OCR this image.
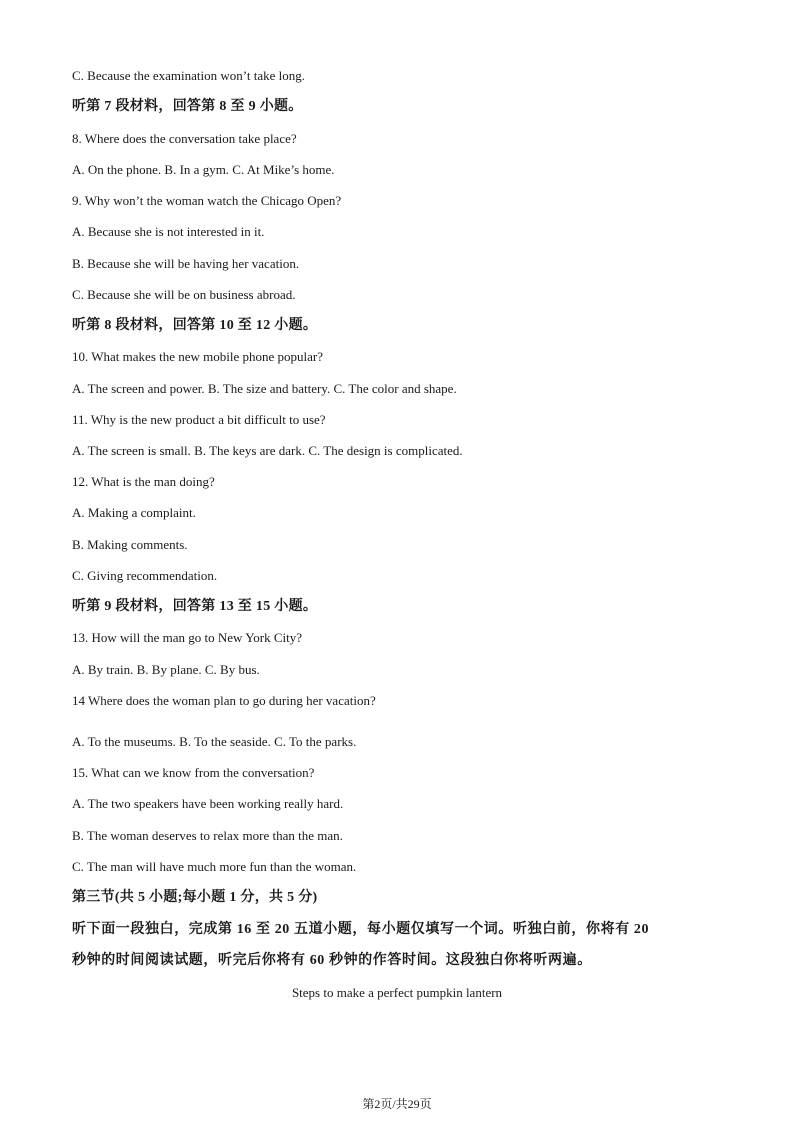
C. Because the examination won’t take long.
听第 7 段材料，回答第 8 至 9 小题。
8. Where does the conversation take place?
A. On the phone. B. In a gym. C. At Mike’s home.
9. Why won’t the woman watch the Chicago Open?
A. Because she is not interested in it.
B. Because she will be having her vacation.
C. Because she will be on business abroad.
听第 8 段材料，回答第 10 至 12 小题。
10. What makes the new mobile phone popular?
A. The screen and power. B. The size and battery. C. The color and shape.
11. Why is the new product a bit difficult to use?
A. The screen is small. B. The keys are dark. C. The design is complicated.
12. What is the man doing?
A. Making a complaint.
B. Making comments.
C. Giving recommendation.
听第 9 段材料，回答第 13 至 15 小题。
13. How will the man go to New York City?
A. By train. B. By plane. C. By bus.
14 Where does the woman plan to go during her vacation?
A. To the museums. B. To the seaside. C. To the parks.
15. What can we know from the conversation?
A. The two speakers have been working really hard.
B. The woman deserves to relax more than the man.
C. The man will have much more fun than the woman.
第三节(共 5 小题;每小题 1 分，共 5 分)
听下面一段独白，完成第 16 至 20 五道小题，每小题仅填写一个词。听独白前，你将有 20
秒钟的时间阅读试题，听完后你将有 60 秒钟的作答时间。这段独白你将听两遍。
Steps to make a perfect pumpkin lantern
第2页/共29页
